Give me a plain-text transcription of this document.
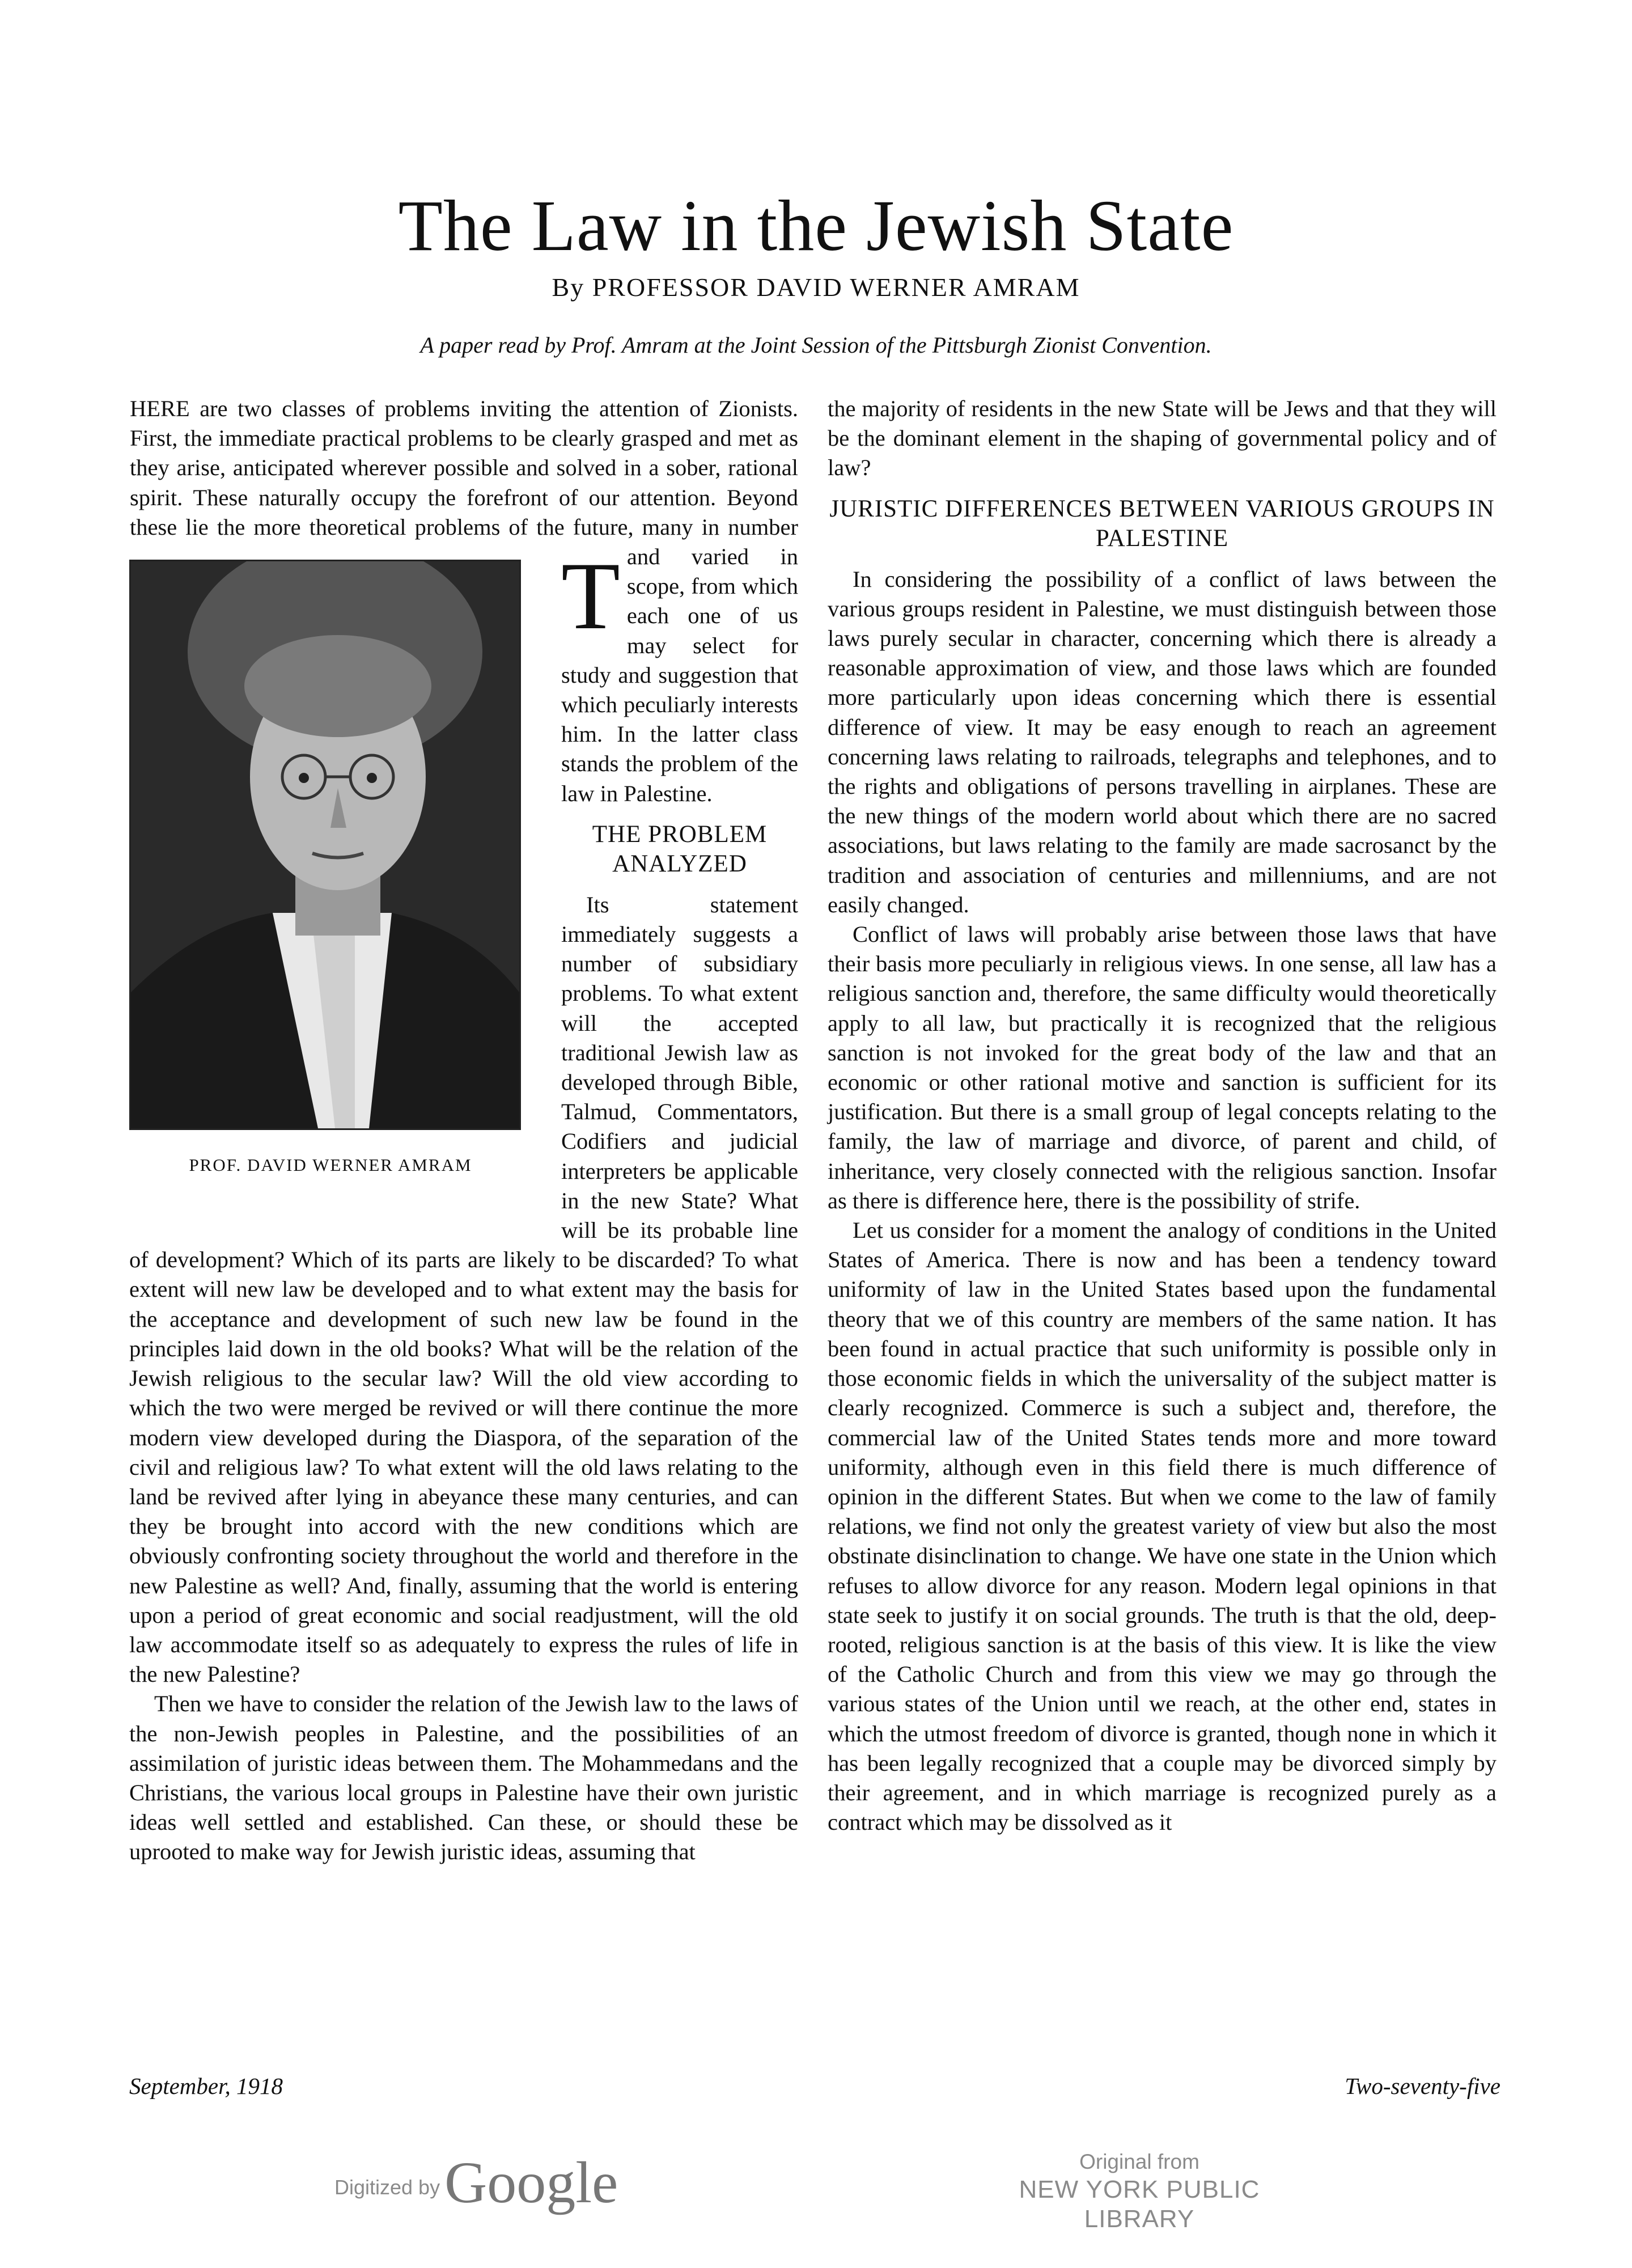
The Law in the Jewish State
By PROFESSOR DAVID WERNER AMRAM
A paper read by Prof. Amram at the Joint Session of the Pittsburgh Zionist Convention.
PROF. DAVID WERNER AMRAM

T
HERE are two classes of problems inviting the attention of Zionists. First, the immediate practical problems to be clearly grasped and met as they arise, anticipated wherever possible and solved in a sober, rational spirit. These naturally occupy the forefront of our attention. Beyond these lie the more theoretical problems of the future, many in number and varied in scope, from which each one of us may select for study and suggestion that which peculiarly interests him. In the latter class stands the problem of the law in Palestine.

THE PROBLEM ANALYZED

Its statement immediately suggests a number of subsidiary problems. To what extent will the accepted traditional Jewish law as developed through Bible, Talmud, Commentators, Codifiers and judicial interpreters be applicable in the new State? What will be its probable line of development? Which of its parts are likely to be discarded? To what extent will new law be developed and to what extent may the basis for the acceptance and development of such new law be found in the principles laid down in the old books? What will be the relation of the Jewish religious to the secular law? Will the old view according to which the two were merged be revived or will there continue the more modern view developed during the Diaspora, of the separation of the civil and religious law? To what extent will the old laws relating to the land be revived after lying in abeyance these many centuries, and can they be brought into accord with the new conditions which are obviously confronting society throughout the world and therefore in the new Palestine as well? And, finally, assuming that the world is entering upon a period of great economic and social readjustment, will the old law accommodate itself so as adequately to express the rules of life in the new Palestine?

Then we have to consider the relation of the Jewish law to the laws of the non-Jewish peoples in Palestine, and the possibilities of an assimilation of juristic ideas between them. The Mohammedans and the Christians, the various local groups in Palestine have their own juristic ideas well settled and established. Can these, or should these be uprooted to make way for Jewish juristic ideas, assuming that

the majority of residents in the new State will be Jews and that they will be the dominant element in the shaping of governmental policy and of law?

JURISTIC DIFFERENCES BETWEEN VARIOUS GROUPS IN PALESTINE

In considering the possibility of a conflict of laws between the various groups resident in Palestine, we must distinguish between those laws purely secular in character, concerning which there is already a reasonable approximation of view, and those laws which are founded more particularly upon ideas concerning which there is essential difference of view. It may be easy enough to reach an agreement concerning laws relating to railroads, telegraphs and telephones, and to the rights and obligations of persons travelling in airplanes. These are the new things of the modern world about which there are no sacred associations, but laws relating to the family are made sacrosanct by the tradition and association of centuries and millenniums, and are not easily changed.

Conflict of laws will probably arise between those laws that have their basis more peculiarly in religious views. In one sense, all law has a religious sanction and, therefore, the same difficulty would theoretically apply to all law, but practically it is recognized that the religious sanction is not invoked for the great body of the law and that an economic or other rational motive and sanction is sufficient for its justification. But there is a small group of legal concepts relating to the family, the law of marriage and divorce, of parent and child, of inheritance, very closely connected with the religious sanction. Insofar as there is difference here, there is the possibility of strife.

Let us consider for a moment the analogy of conditions in the United States of America. There is now and has been a tendency toward uniformity of law in the United States based upon the fundamental theory that we of this country are members of the same nation. It has been found in actual practice that such uniformity is possible only in those economic fields in which the universality of the subject matter is clearly recognized. Commerce is such a subject and, therefore, the commercial law of the United States tends more and more toward uniformity, although even in this field there is much difference of opinion in the different States. But when we come to the law of family relations, we find not only the greatest variety of view but also the most obstinate disinclination to change. We have one state in the Union which refuses to allow divorce for any reason. Modern legal opinions in that state seek to justify it on social grounds. The truth is that the old, deep-rooted, religious sanction is at the basis of this view. It is like the view of the Catholic Church and from this view we may go through the various states of the Union until we reach, at the other end, states in which the utmost freedom of divorce is granted, though none in which it has been legally recognized that a couple may be divorced simply by their agreement, and in which marriage is recognized purely as a contract which may be dissolved as it

September, 1918	Two-seventy-five
Digitized byGoogle	Original from
NEW YORK PUBLIC LIBRARY
